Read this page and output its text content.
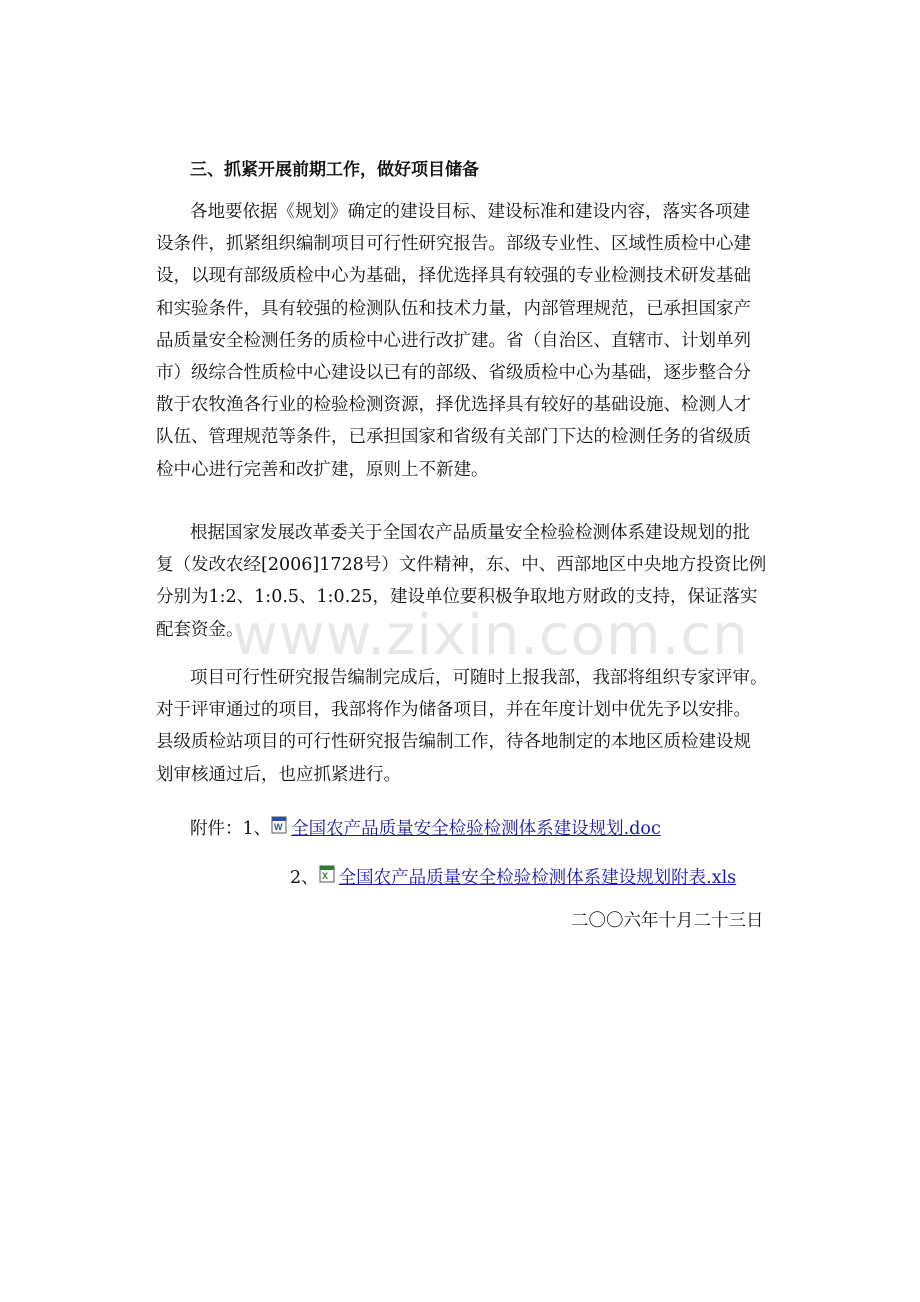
三、抓紧开展前期工作，做好项目储备
各地要依据《规划》确定的建设目标、建设标准和建设内容，落实各项建
设条件，抓紧组织编制项目可行性研究报告。部级专业性、区域性质检中心建
设，以现有部级质检中心为基础，择优选择具有较强的专业检测技术研发基础
和实验条件，具有较强的检测队伍和技术力量，内部管理规范，已承担国家产
品质量安全检测任务的质检中心进行改扩建。省（自治区、直辖市、计划单列
市）级综合性质检中心建设以已有的部级、省级质检中心为基础，逐步整合分
散于农牧渔各行业的检验检测资源，择优选择具有较好的基础设施、检测人才
队伍、管理规范等条件，已承担国家和省级有关部门下达的检测任务的省级质
检中心进行完善和改扩建，原则上不新建。
根据国家发展改革委关于全国农产品质量安全检验检测体系建设规划的批
复（发改农经[2006]1728号）文件精神，东、中、西部地区中央地方投资比例
分别为1:2、1:0.5、1:0.25，建设单位要积极争取地方财政的支持，保证落实
配套资金。
www.zixin.com.cn
项目可行性研究报告编制完成后，可随时上报我部，我部将组织专家评审。
对于评审通过的项目，我部将作为储备项目，并在年度计划中优先予以安排。
县级质检站项目的可行性研究报告编制工作，待各地制定的本地区质检建设规
划审核通过后，也应抓紧进行。
附件：1、 W 全国农产品质量安全检验检测体系建设规划.doc
2、 X 全国农产品质量安全检验检测体系建设规划附表.xls
二〇〇六年十月二十三日
